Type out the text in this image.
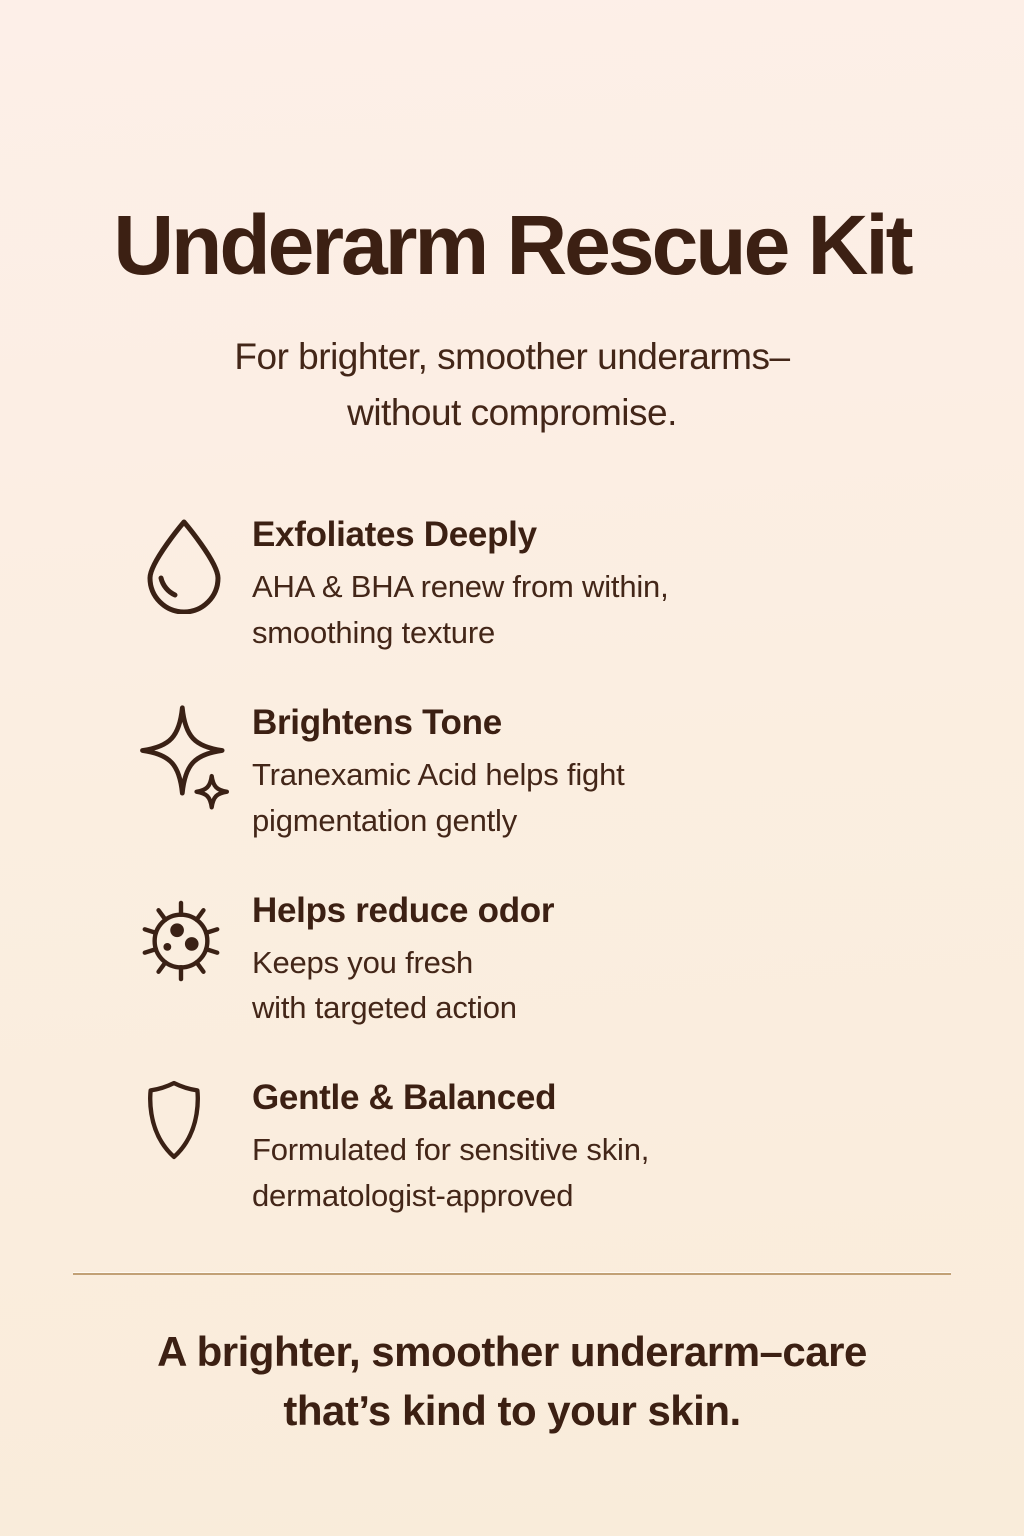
Underarm Rescue Kit
For brighter, smoother underarms–
without compromise.
Exfoliates Deeply
AHA & BHA renew from within,
smoothing texture
Brightens Tone
Tranexamic Acid helps fight
pigmentation gently
Helps reduce odor
Keeps you fresh
with targeted action
Gentle & Balanced
Formulated for sensitive skin,
dermatologist-approved
A brighter, smoother underarm–care
that’s kind to your skin.
